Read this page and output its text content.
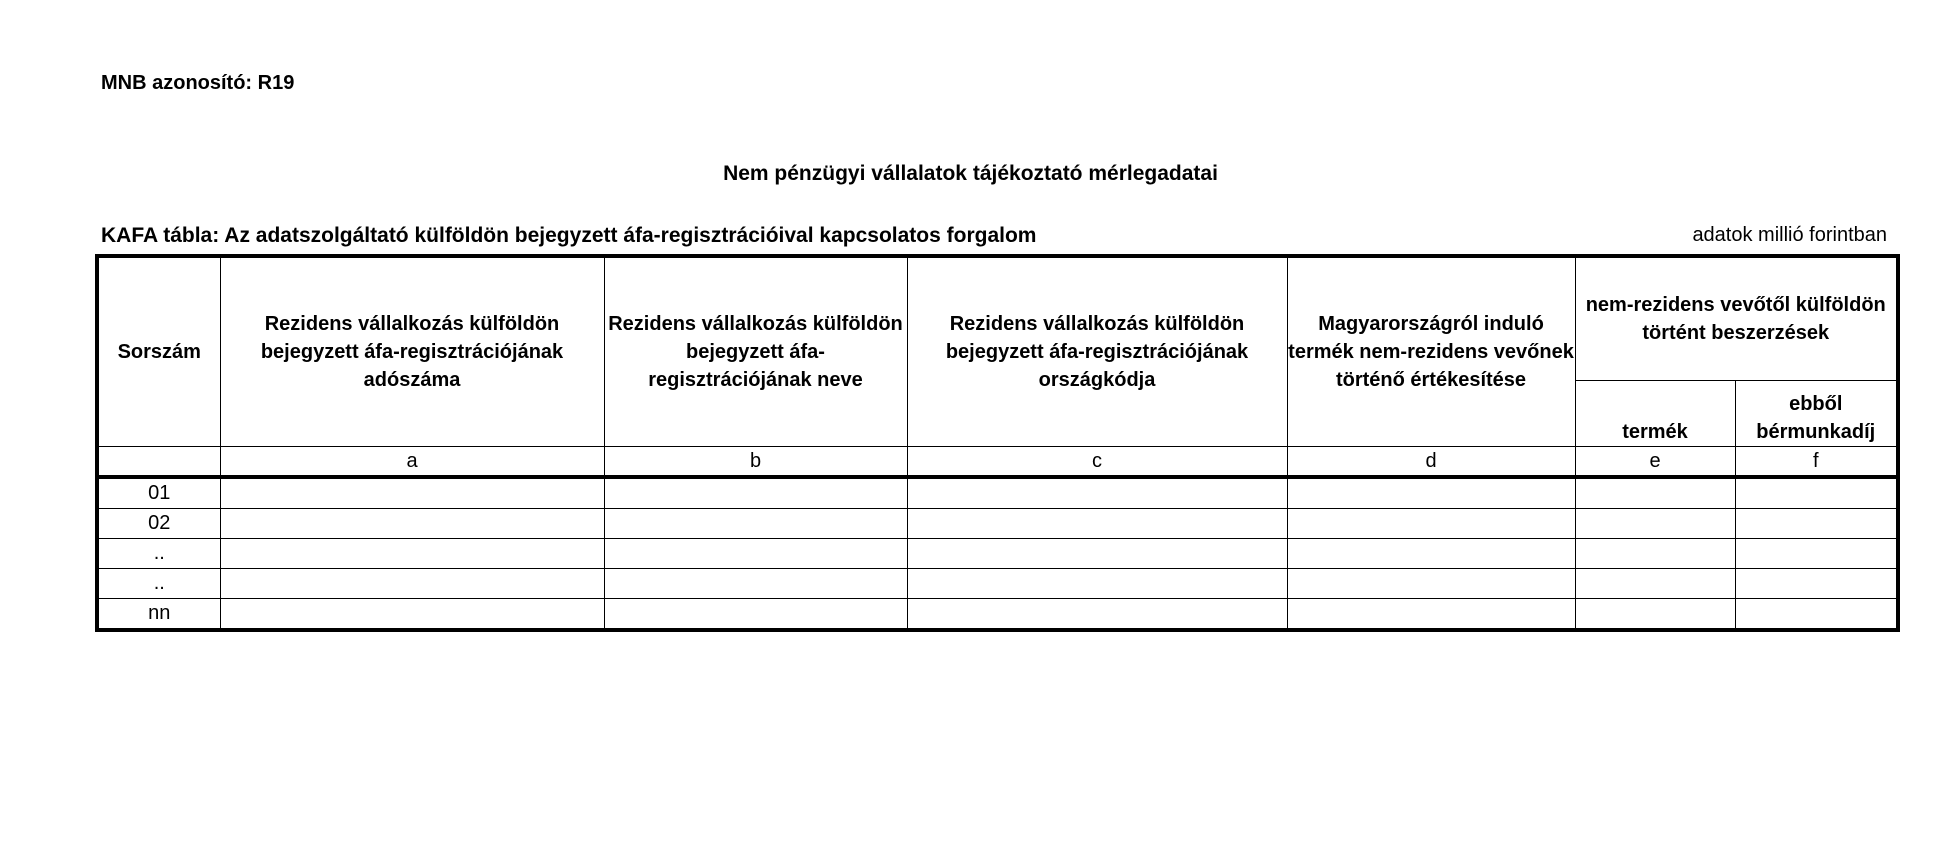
MNB azonosító: R19
Nem pénzügyi vállalatok tájékoztató mérlegadatai
KAFA tábla: Az adatszolgáltató külföldön bejegyzett áfa-regisztrációival kapcsolatos forgalom	adatok millió forintban
Sorszám	Rezidens vállalkozás külföldön bejegyzett áfa-regisztrációjának adószáma	Rezidens vállalkozás külföldön bejegyzett áfa-regisztrációjának neve	Rezidens vállalkozás külföldön bejegyzett áfa-regisztrációjának országkódja	Magyarországról induló termék nem-rezidens vevőnek történő értékesítése	nem-rezidens vevőtől külföldön történt beszerzések	
					termék	ebből bérmunkadíj
	a	b	c	d	e	f
01						
02						
..						
..						
nn						
